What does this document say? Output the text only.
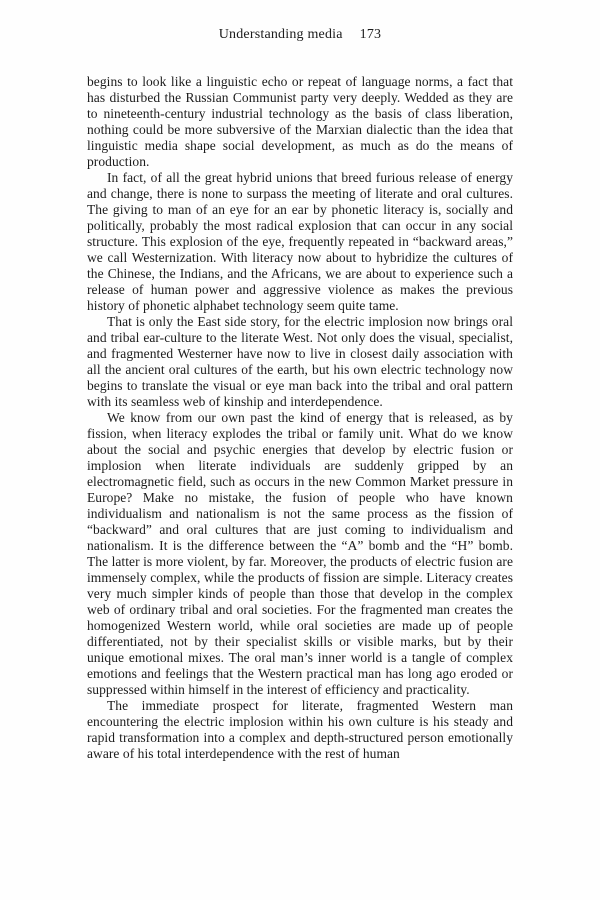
Understanding media 173

begins to look like a linguistic echo or repeat of language norms, a fact that has disturbed the Russian Communist party very deeply. Wedded as they are to nineteenth-century industrial technology as the basis of class liberation, nothing could be more subversive of the Marxian dialectic than the idea that linguistic media shape social development, as much as do the means of production.

In fact, of all the great hybrid unions that breed furious release of energy and change, there is none to surpass the meeting of literate and oral cultures. The giving to man of an eye for an ear by phonetic literacy is, socially and politically, probably the most radical explosion that can occur in any social structure. This explosion of the eye, frequently repeated in “backward areas,” we call Westernization. With literacy now about to hybridize the cultures of the Chinese, the Indians, and the Africans, we are about to experience such a release of human power and aggressive violence as makes the previous history of phonetic alphabet technology seem quite tame.

That is only the East side story, for the electric implosion now brings oral and tribal ear-culture to the literate West. Not only does the visual, specialist, and fragmented Westerner have now to live in closest daily association with all the ancient oral cultures of the earth, but his own electric technology now begins to translate the visual or eye man back into the tribal and oral pattern with its seamless web of kinship and interdependence.

We know from our own past the kind of energy that is released, as by fission, when literacy explodes the tribal or family unit. What do we know about the social and psychic energies that develop by electric fusion or implosion when literate individuals are suddenly gripped by an electromagnetic field, such as occurs in the new Common Market pressure in Europe? Make no mistake, the fusion of people who have known individualism and nationalism is not the same process as the fission of “backward” and oral cultures that are just coming to individualism and nationalism. It is the difference between the “A” bomb and the “H” bomb. The latter is more violent, by far. Moreover, the products of electric fusion are immensely complex, while the products of fission are simple. Literacy creates very much simpler kinds of people than those that develop in the complex web of ordinary tribal and oral societies. For the fragmented man creates the homogenized Western world, while oral societies are made up of people differentiated, not by their specialist skills or visible marks, but by their unique emotional mixes. The oral man’s inner world is a tangle of complex emotions and feelings that the Western practical man has long ago eroded or suppressed within himself in the interest of efficiency and practicality.

The immediate prospect for literate, fragmented Western man encountering the electric implosion within his own culture is his steady and rapid transformation into a complex and depth-structured person emotionally aware of his total interdependence with the rest of human
